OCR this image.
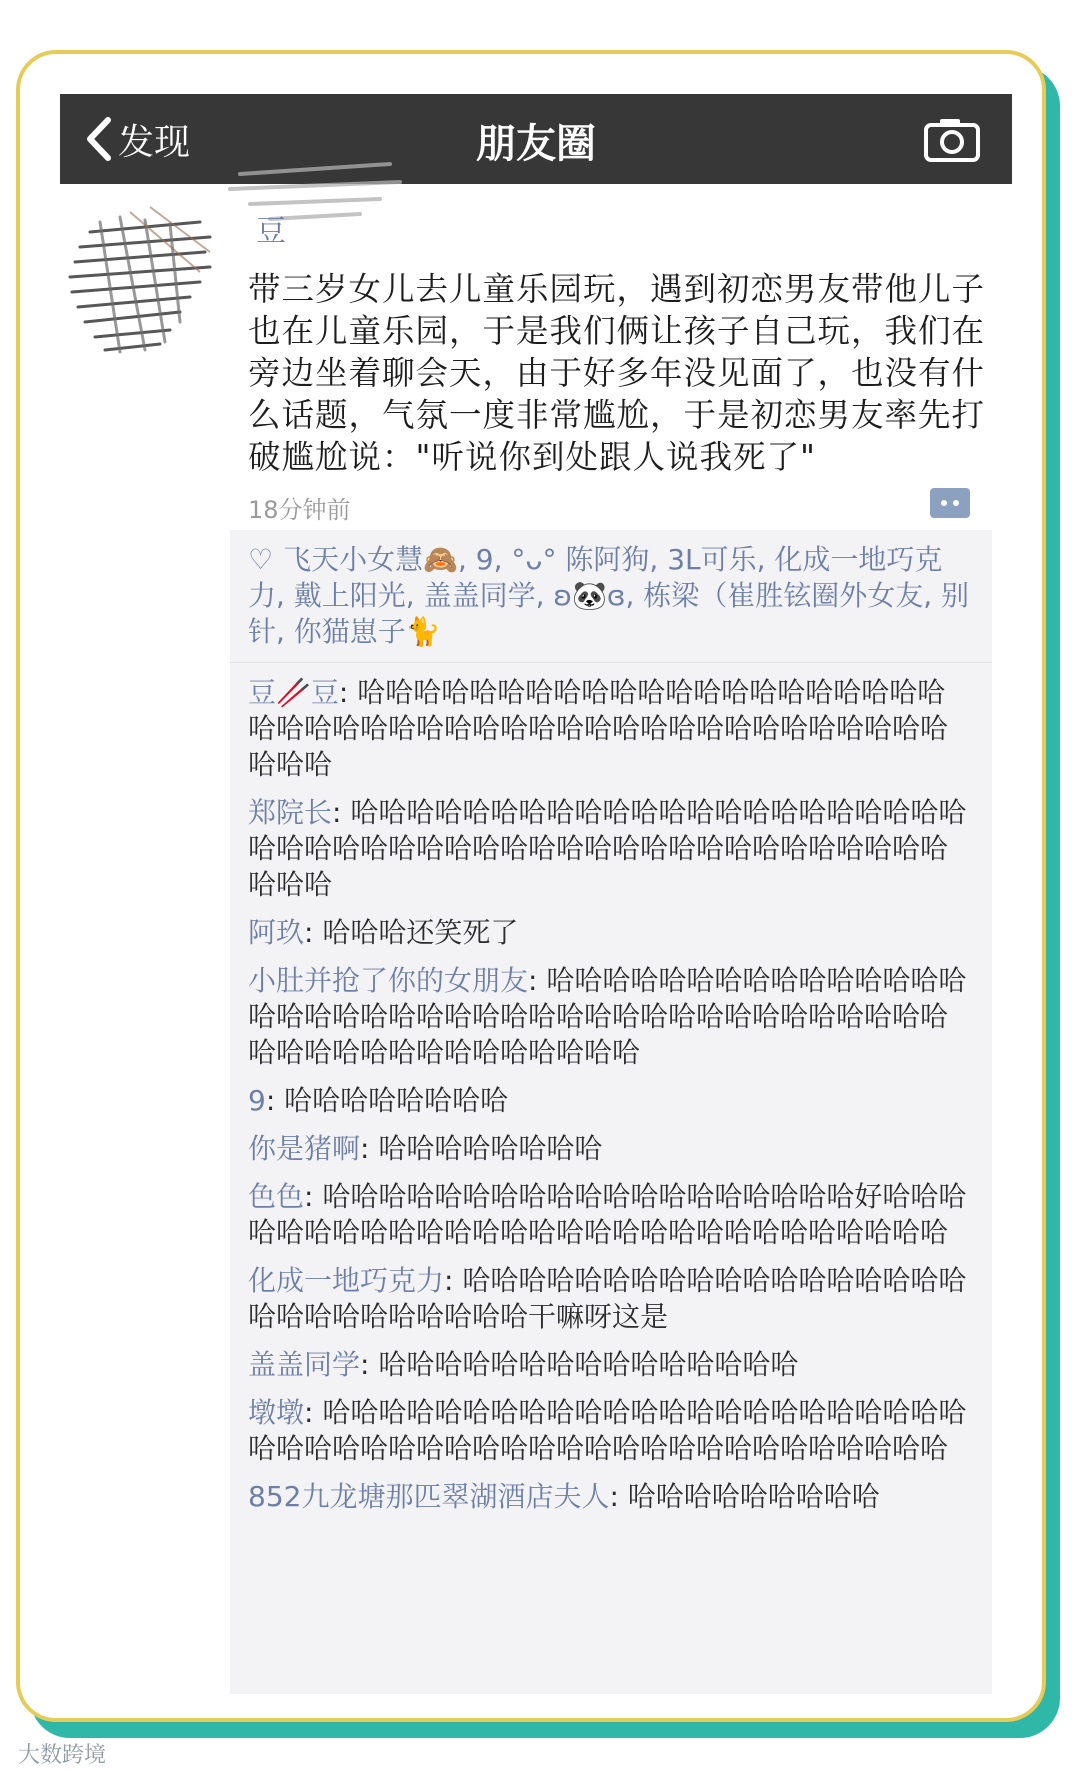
发现	朋友圈
豆
带三岁女儿去儿童乐园玩，遇到初恋男友带他儿子也在儿童乐园，于是我们俩让孩子自己玩，我们在旁边坐着聊会天，由于好多年没见面了，也没有什么话题，气氛一度非常尴尬，于是初恋男友率先打破尴尬说："听说你到处跟人说我死了"
18分钟前
♡ 飞天小女慧🙈, 9, °ᴗ° 陈阿狗, 3L可乐, 化成一地巧克力, 戴上阳光, 盖盖同学, ʚ🐼ɞ, 栋梁（崔胜铉圈外女友, 别针, 你猫崽子🐈
豆🥢豆: 哈哈哈哈哈哈哈哈哈哈哈哈哈哈哈哈哈哈哈哈哈哈哈哈哈哈哈哈哈哈哈哈哈哈哈哈哈哈哈哈哈哈哈哈哈哈哈哈哈
郑院长: 哈哈哈哈哈哈哈哈哈哈哈哈哈哈哈哈哈哈哈哈哈哈哈哈哈哈哈哈哈哈哈哈哈哈哈哈哈哈哈哈哈哈哈哈哈哈哈哈哈哈
阿玖: 哈哈哈还笑死了
小肚并抢了你的女朋友: 哈哈哈哈哈哈哈哈哈哈哈哈哈哈哈哈哈哈哈哈哈哈哈哈哈哈哈哈哈哈哈哈哈哈哈哈哈哈哈哈哈哈哈哈哈哈哈哈哈哈哈哈哈哈
9: 哈哈哈哈哈哈哈哈
你是猪啊: 哈哈哈哈哈哈哈哈
色色: 哈哈哈哈哈哈哈哈哈哈哈哈哈哈哈哈哈哈哈好哈哈哈哈哈哈哈哈哈哈哈哈哈哈哈哈哈哈哈哈哈哈哈哈哈哈哈哈
化成一地巧克力: 哈哈哈哈哈哈哈哈哈哈哈哈哈哈哈哈哈哈哈哈哈哈哈哈哈哈哈哈干嘛呀这是
盖盖同学: 哈哈哈哈哈哈哈哈哈哈哈哈哈哈哈
墩墩: 哈哈哈哈哈哈哈哈哈哈哈哈哈哈哈哈哈哈哈哈哈哈哈哈哈哈哈哈哈哈哈哈哈哈哈哈哈哈哈哈哈哈哈哈哈哈哈哈
852九龙塘那匹翠湖酒店夫人: 哈哈哈哈哈哈哈哈哈
大数跨境
